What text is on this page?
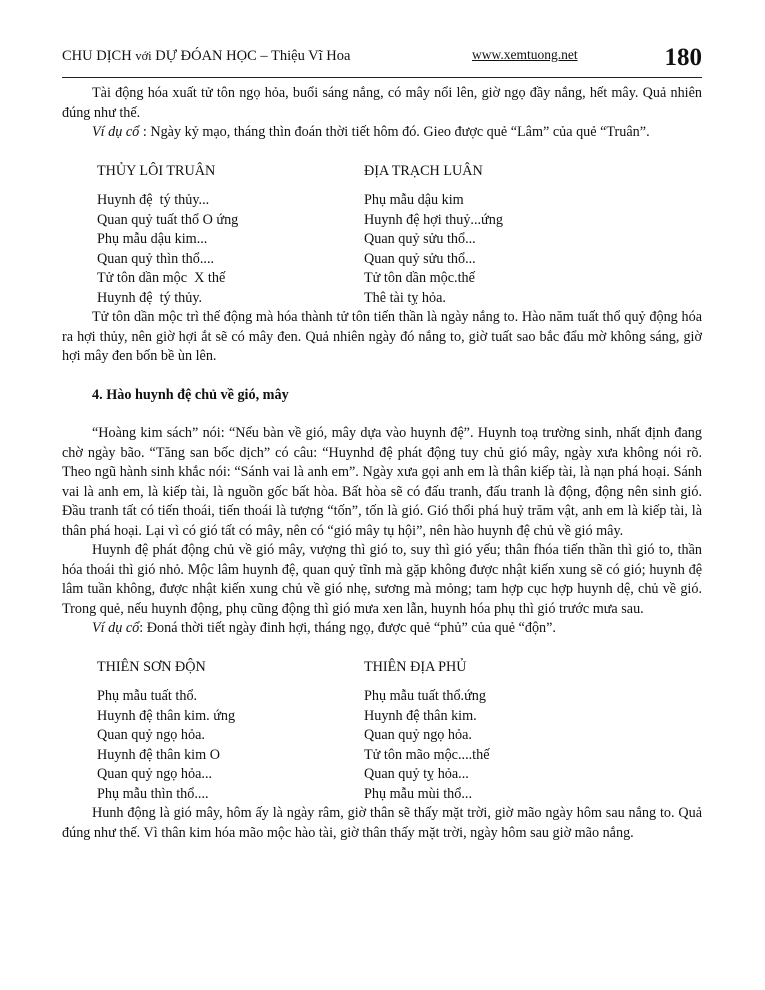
CHU DỊCH với DỰ ĐÓAN HỌC – Thiệu Vĩ Hoa	www.xemtuong.net	180

Tài động hóa xuất tử tôn ngọ hỏa, buổi sáng nắng, có mây nổi lên, giờ ngọ đầy nắng, hết mây. Quả nhiên đúng như thế.

Ví dụ cổ : Ngày kỷ mạo, tháng thìn đoán thời tiết hôm đó. Gieo được quẻ “Lâm” của quẻ “Truân”.

THỦY LÔI TRUÂN	ĐỊA TRẠCH LUÂN
Huynh đệ  tý thủy...	Phụ mẫu dậu kim
Quan quỷ tuất thổ O ứng	Huynh đệ hợi thuỷ...ứng
Phụ mẫu dậu kim...	Quan quỷ sửu thổ...
Quan quỷ thìn thổ....	Quan quỷ sửu thổ...
Tử tôn dần mộc  X thế	Tử tôn dần mộc.thế
Huynh đệ  tý thủy.	Thê tài tỵ hỏa.

Tử tôn dần mộc trì thế động mà hóa thành tử tôn tiến thần là ngày nắng to. Hào năm tuất thổ quỷ động hóa ra hợi thủy, nên giờ hợi ắt sẽ có mây đen. Quả nhiên ngày đó nắng to, giờ tuất sao bắc đẩu mờ không sáng, giờ hợi mây đen bốn bề ùn lên.

4. Hào huynh đệ chủ về gió, mây

“Hoàng kim sách” nói: “Nếu bàn về gió, mây dựa vào huynh đệ”. Huynh toạ trường sinh, nhất định đang chờ ngày bão. “Tăng san bốc dịch” có câu: “Huynhd đệ phát động tuy chủ gió mây, ngày xưa không nói rõ. Theo ngũ hành sinh khắc nói: “Sánh vai là anh em”. Ngày xưa gọi anh em là thân kiếp tài, là nạn phá hoại. Sánh vai là anh em, là kiếp tài, là nguồn gốc bất hòa. Bất hòa sẽ có đấu tranh, đấu tranh là động, động nên sinh gió. Đầu tranh tất có tiến thoái, tiến thoái là tượng “tốn”, tốn là gió. Gió thổi phá huỷ trăm vật, anh em là kiếp tài, là thân phá hoại. Lại vì có gió tất có mây, nên có “gió mây tụ hội”, nên hào huynh đệ chủ về gió mây.

Huynh đệ phát động chủ về gió mây, vượng thì gió to, suy thì gió yếu; thân fhóa tiến thần thì gió to, thần hóa thoái thì gió nhỏ. Mộc lâm huynh đệ, quan quỷ tĩnh mà gặp không được nhật kiến xung sẽ có gió; huynh đệ lâm tuần không, được nhật kiến xung chủ về gió nhẹ, sương mà mỏng; tam hợp cục hợp huynh dệ, chủ về gió. Trong quẻ, nếu huynh động, phụ cũng động thì gió mưa xen lẫn, huynh hóa phụ thì gió trước mưa sau.

Ví dụ cổ: Đoná thời tiết ngày đinh hợi, tháng ngọ, được quẻ “phủ” của quẻ “độn”.

THIÊN SƠN ĐỘN	THIÊN ĐỊA PHỦ
Phụ mẫu tuất thổ.	Phụ mẫu tuất thổ.ứng
Huynh đệ thân kim. ứng	Huynh đệ thân kim.
Quan quỷ ngọ hỏa.	Quan quỷ ngọ hỏa.
Huynh đệ thân kim O	Tử tôn mão mộc....thế
Quan quỷ ngọ hỏa...	Quan quỷ tỵ hỏa...
Phụ mẫu thìn thổ....	Phụ mẫu mùi thổ...

Hunh động là gió mây, hôm ấy là ngày râm, giờ thân sẽ thấy mặt trời, giờ mão ngày hôm sau nắng to. Quả đúng như thế. Vì thân kim hóa mão mộc hào tài, giờ thân thấy mặt trời, ngày hôm sau giờ mão nắng.
